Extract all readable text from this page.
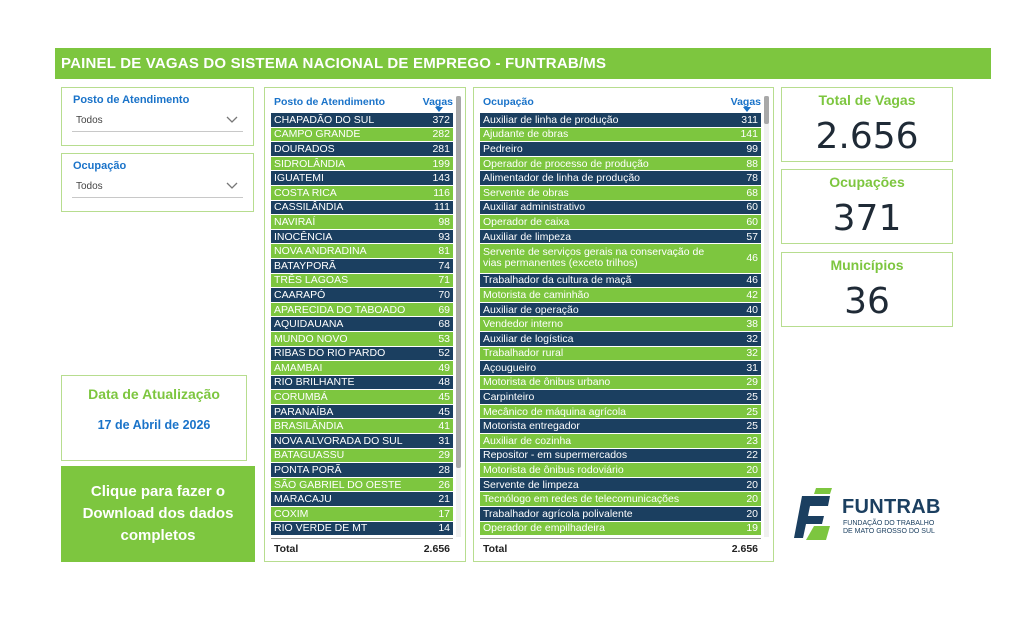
PAINEL DE VAGAS DO SISTEMA NACIONAL DE EMPREGO - FUNTRAB/MS
Posto de Atendimento
Todos
Ocupação
Todos
Posto de Atendimento	Vagas
CHAPADÃO DO SUL	372
CAMPO GRANDE	282
DOURADOS	281
SIDROLÂNDIA	199
IGUATEMI	143
COSTA RICA	116
CASSILÂNDIA	111
NAVIRAÍ	98
INOCÊNCIA	93
NOVA ANDRADINA	81
BATAYPORÃ	74
TRÊS LAGOAS	71
CAARAPÓ	70
APARECIDA DO TABOADO	69
AQUIDAUANA	68
MUNDO NOVO	53
RIBAS DO RIO PARDO	52
AMAMBAI	49
RIO BRILHANTE	48
CORUMBÁ	45
PARANAÍBA	45
BRASILÂNDIA	41
NOVA ALVORADA DO SUL	31
BATAGUASSU	29
PONTA PORÃ	28
SÃO GABRIEL DO OESTE	26
MARACAJU	21
COXIM	17
RIO VERDE DE MT	14
Total	2.656
Ocupação	Vagas
Auxiliar de linha de produção	311
Ajudante de obras	141
Pedreiro	99
Operador de processo de produção	88
Alimentador de linha de produção	78
Servente de obras	68
Auxiliar administrativo	60
Operador de caixa	60
Auxiliar de limpeza	57
Servente de serviços gerais na conservação de vias permanentes (exceto trilhos)	46
Trabalhador da cultura de maçã	46
Motorista de caminhão	42
Auxiliar de operação	40
Vendedor interno	38
Auxiliar de logística	32
Trabalhador rural	32
Açougueiro	31
Motorista de ônibus urbano	29
Carpinteiro	25
Mecânico de máquina agrícola	25
Motorista entregador	25
Auxiliar de cozinha	23
Repositor - em supermercados	22
Motorista de ônibus rodoviário	20
Servente de limpeza	20
Tecnólogo em redes de telecomunicações	20
Trabalhador agrícola polivalente	20
Operador de empilhadeira	19
Total	2.656
Total de Vagas
2.656
Ocupações
371
Municípios
36
Data de Atualização
17 de Abril de 2026
Clique para fazer o Download dos dados completos
FUNTRAB
FUNDAÇÃO DO TRABALHO
DE MATO GROSSO DO SUL
